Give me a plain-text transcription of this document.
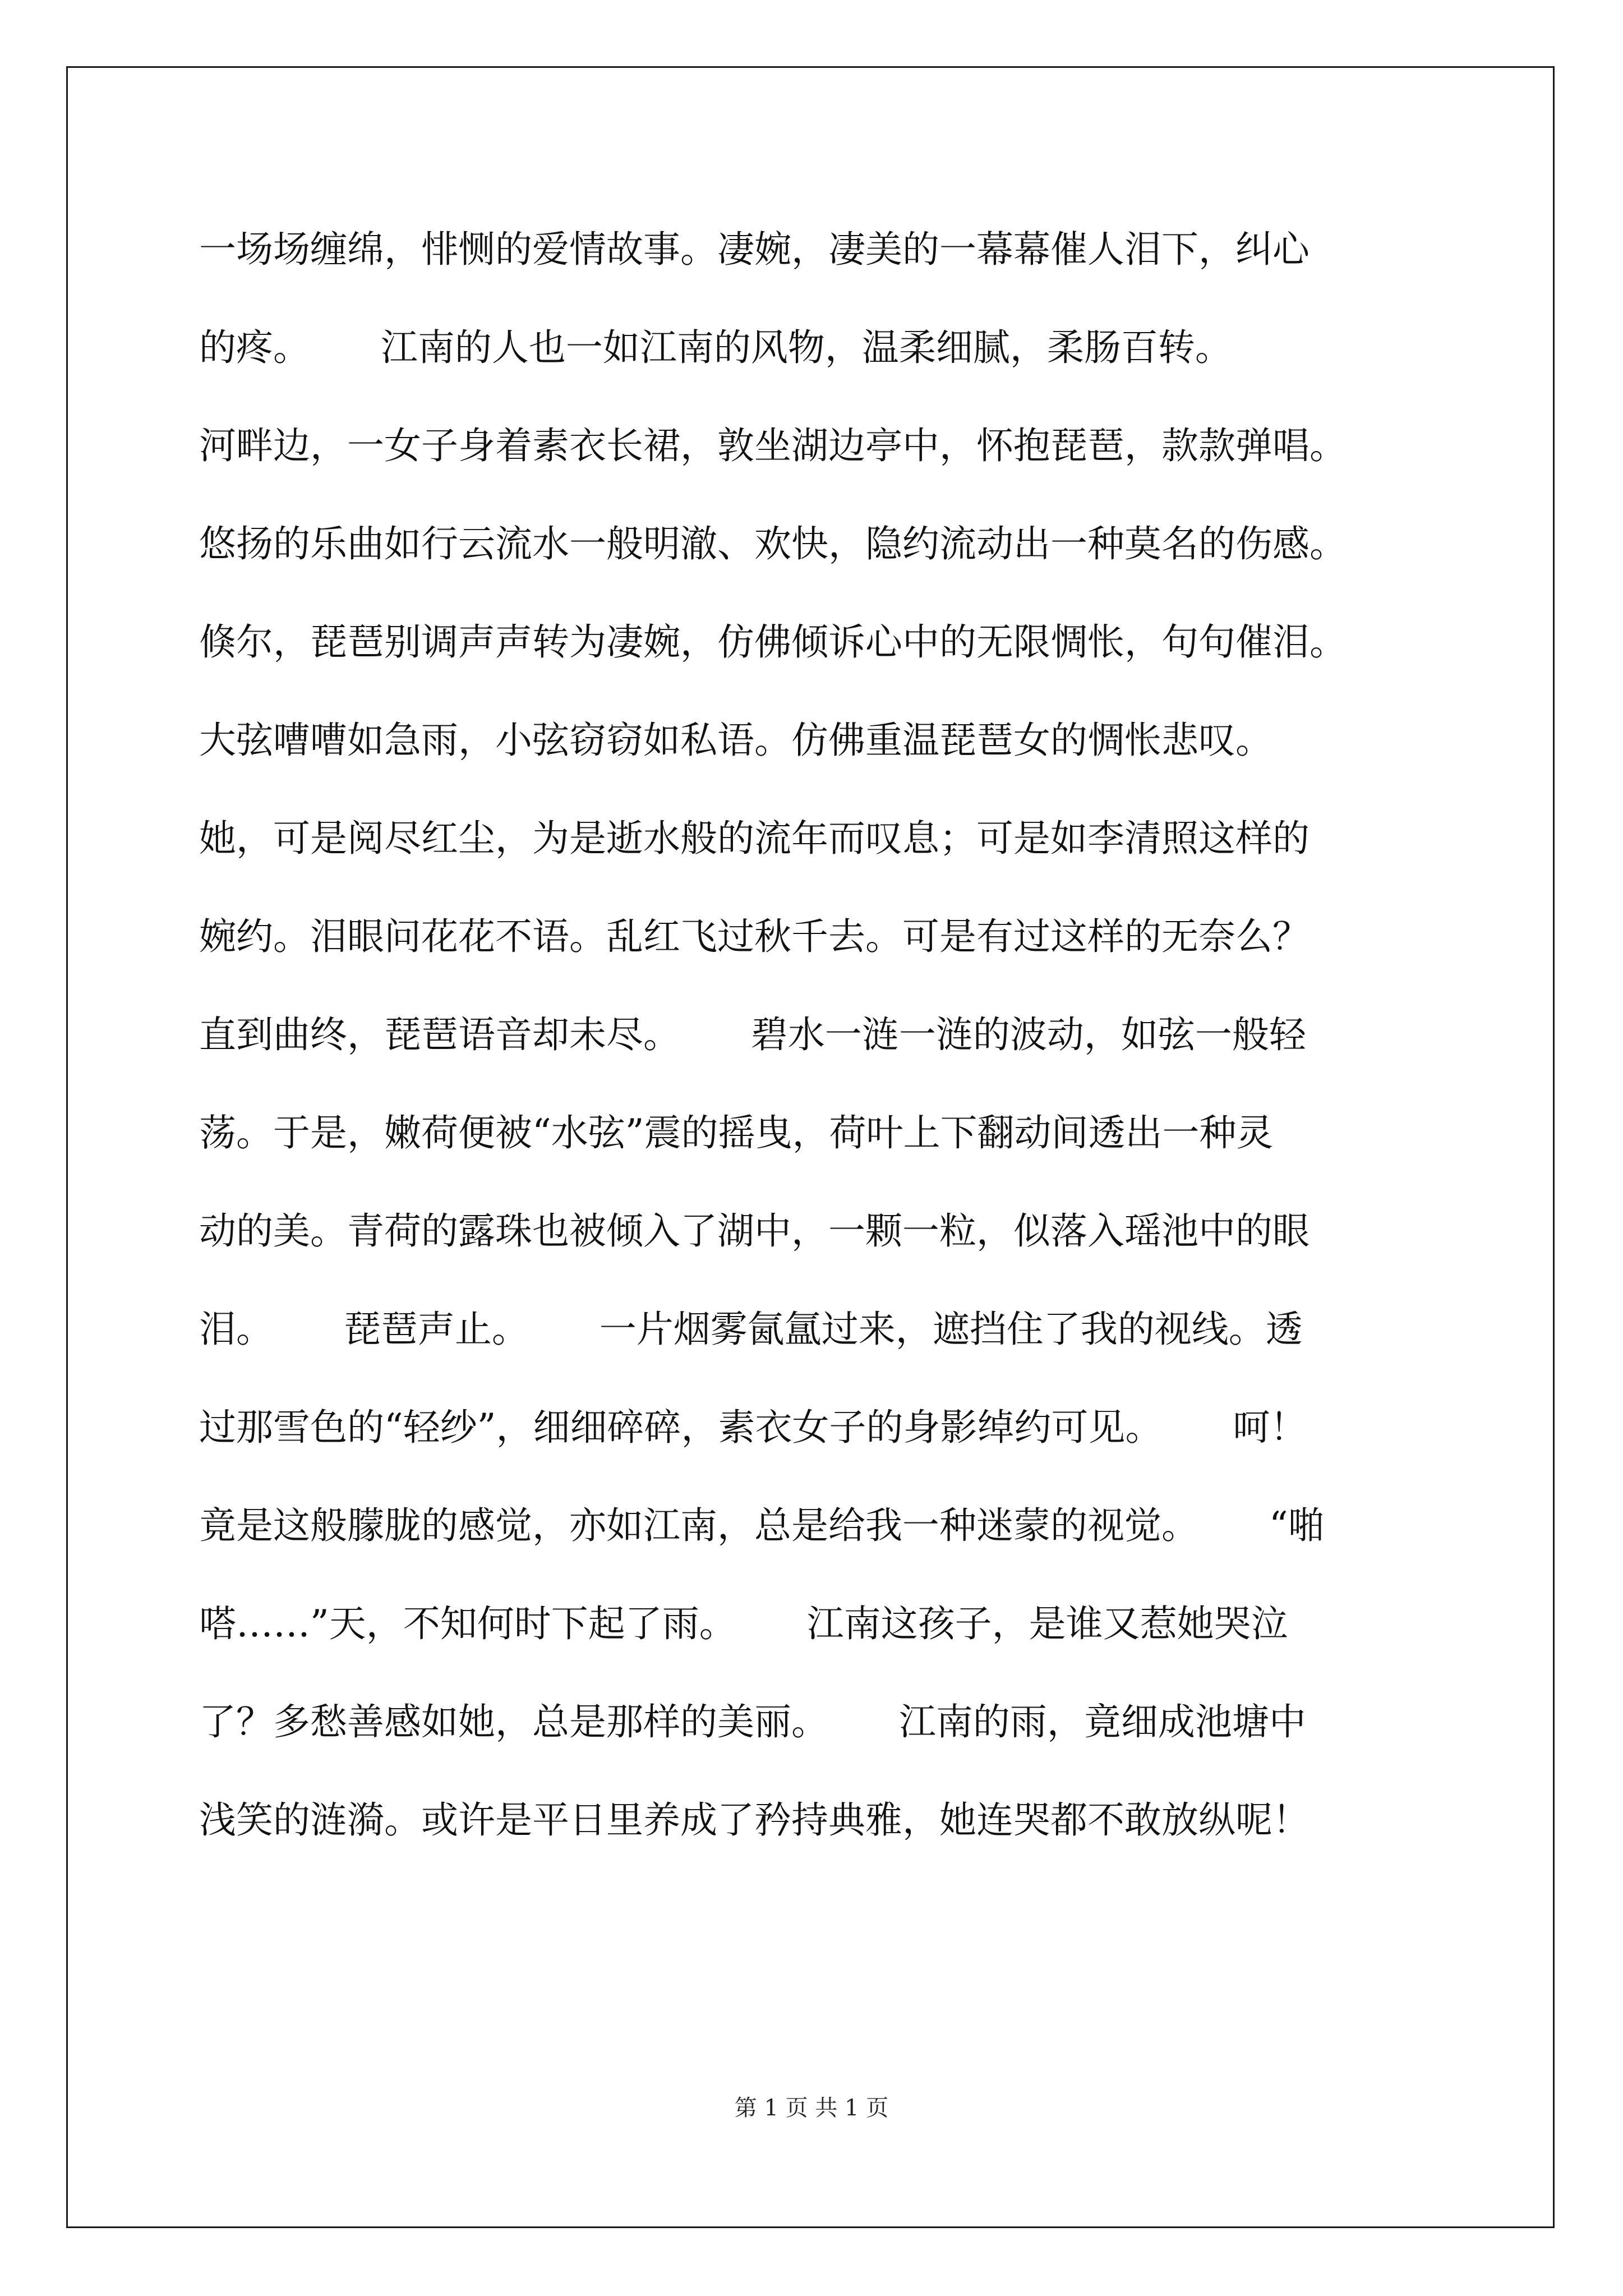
一场场缠绵，悱恻的爱情故事。凄婉，凄美的一幕幕催人泪下，纠心
的疼。      江南的人也一如江南的风物，温柔细腻，柔肠百转。
河畔边，一女子身着素衣长裙，敦坐湖边亭中，怀抱琵琶，款款弹唱。
悠扬的乐曲如行云流水一般明澈、欢快，隐约流动出一种莫名的伤感。
倏尔，琵琶别调声声转为凄婉，仿佛倾诉心中的无限惆怅，句句催泪。
大弦嘈嘈如急雨，小弦窃窃如私语。仿佛重温琵琶女的惆怅悲叹。
她，可是阅尽红尘，为是逝水般的流年而叹息；可是如李清照这样的
婉约。泪眼问花花不语。乱红飞过秋千去。可是有过这样的无奈么？
直到曲终，琵琶语音却未尽。      碧水一涟一涟的波动，如弦一般轻
荡。于是，嫩荷便被“水弦”震的摇曳，荷叶上下翻动间透出一种灵
动的美。青荷的露珠也被倾入了湖中，一颗一粒，似落入瑶池中的眼
泪。      琵琶声止。      一片烟雾氤氲过来，遮挡住了我的视线。透
过那雪色的“轻纱”，细细碎碎，素衣女子的身影绰约可见。      呵！
竟是这般朦胧的感觉，亦如江南，总是给我一种迷蒙的视觉。      “啪
嗒……”天，不知何时下起了雨。      江南这孩子，是谁又惹她哭泣
了？多愁善感如她，总是那样的美丽。      江南的雨，竟细成池塘中
浅笑的涟漪。或许是平日里养成了矜持典雅，她连哭都不敢放纵呢！
第 1 页 共 1 页
